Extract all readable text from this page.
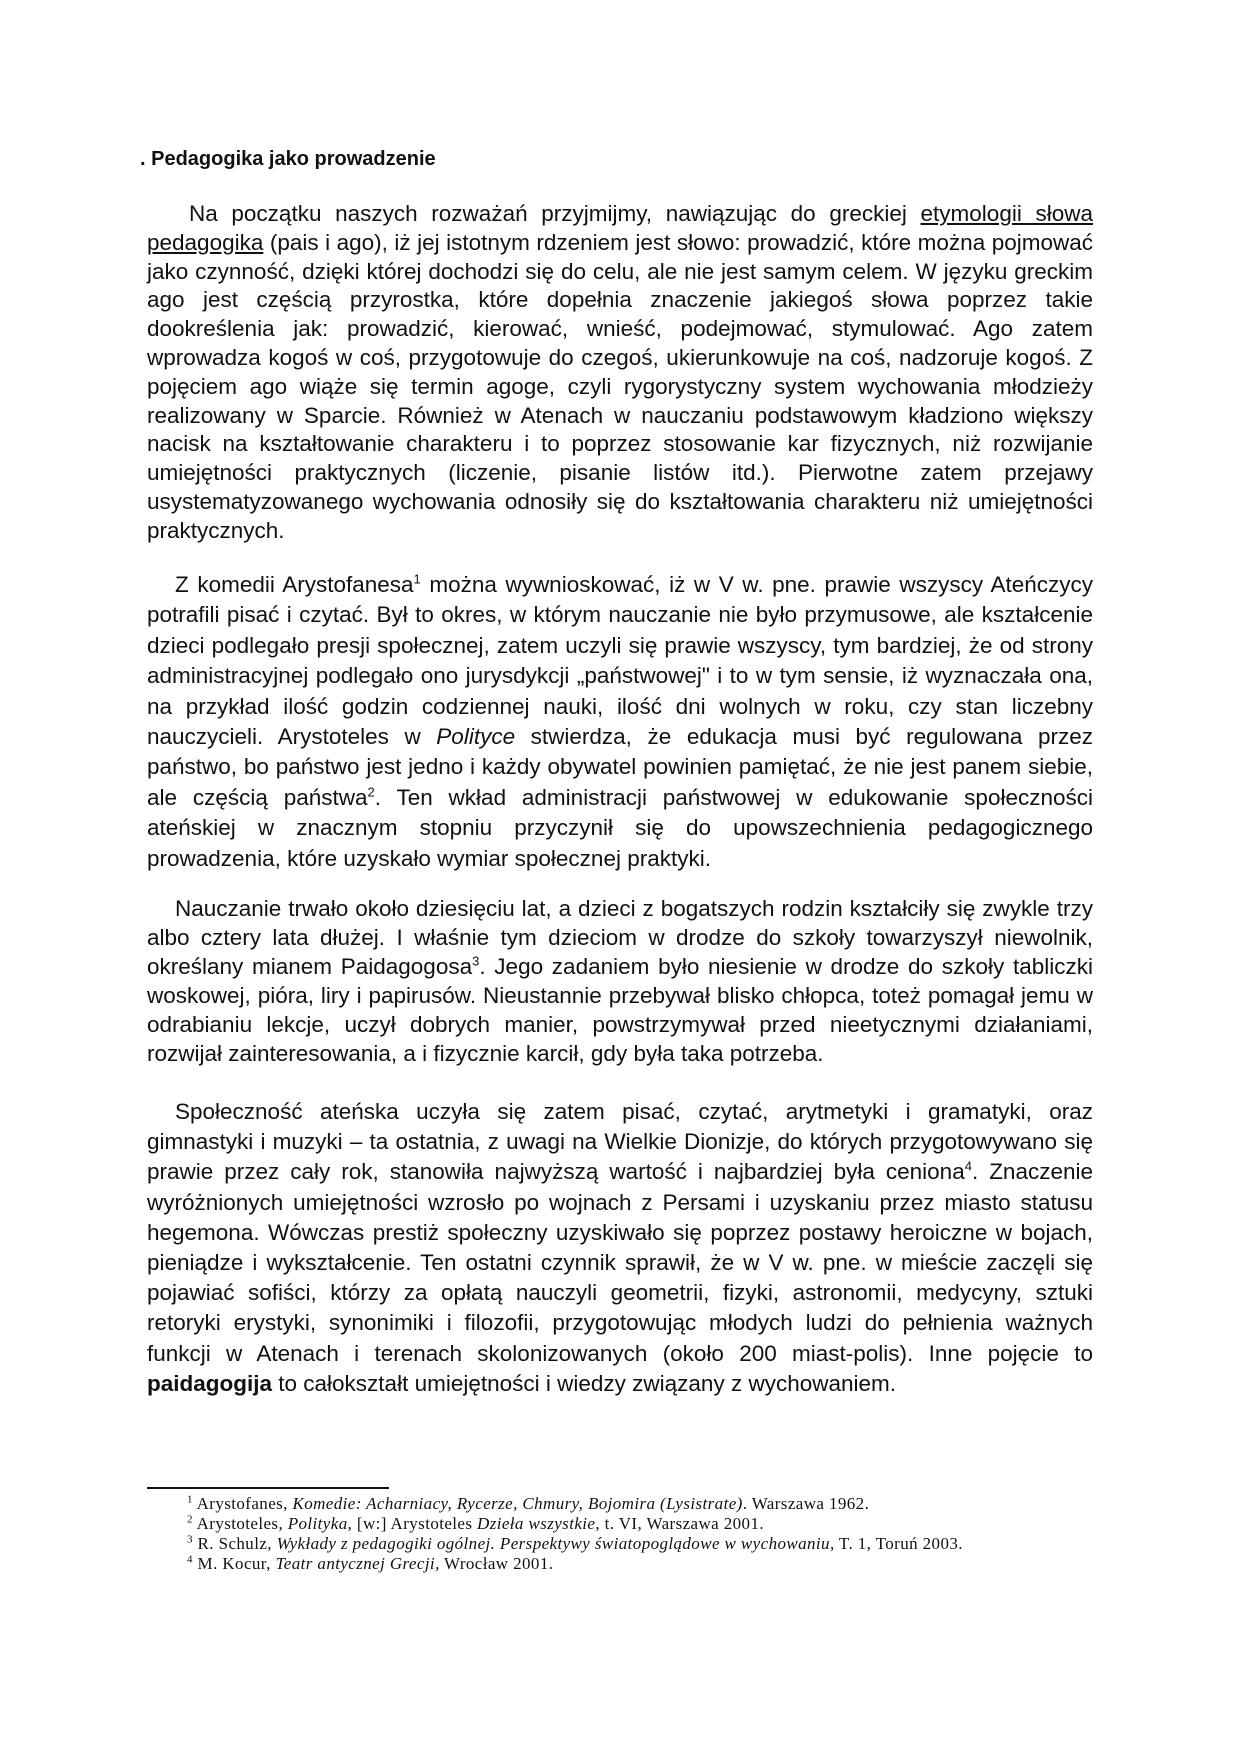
. Pedagogika jako prowadzenie

Na początku naszych rozważań przyjmijmy, nawiązując do greckiej etymologii słowa pedagogika (pais i ago), iż jej istotnym rdzeniem jest słowo: prowadzić, które można pojmować jako czynność, dzięki której dochodzi się do celu, ale nie jest samym celem. W języku greckim ago jest częścią przyrostka, które dopełnia znaczenie jakiegoś słowa poprzez takie dookreślenia jak: prowadzić, kierować, wnieść, podejmować, stymulować. Ago zatem wprowadza kogoś w coś, przygotowuje do czegoś, ukierunkowuje na coś, nadzoruje kogoś. Z pojęciem ago wiąże się termin agoge, czyli rygorystyczny system wychowania młodzieży realizowany w Sparcie. Również w Atenach w nauczaniu podstawowym kładziono większy nacisk na kształtowanie charakteru i to poprzez stosowanie kar fizycznych, niż rozwijanie umiejętności praktycznych (liczenie, pisanie listów itd.). Pierwotne zatem przejawy usystematyzowanego wychowania odnosiły się do kształtowania charakteru niż umiejętności praktycznych.

Z komedii Arystofanesa$^1$ można wywnioskować, iż w V w. pne. prawie wszyscy Ateńczycy potrafili pisać i czytać. Był to okres, w którym nauczanie nie było przymusowe, ale kształcenie dzieci podlegało presji społecznej, zatem uczyli się prawie wszyscy, tym bardziej, że od strony administracyjnej podlegało ono jurysdykcji „państwowej" i to w tym sensie, iż wyznaczała ona, na przykład ilość godzin codziennej nauki, ilość dni wolnych w roku, czy stan liczebny nauczycieli. Arystoteles w Polityce stwierdza, że edukacja musi być regulowana przez państwo, bo państwo jest jedno i każdy obywatel powinien pamiętać, że nie jest panem siebie, ale częścią państwa$^2$. Ten wkład administracji państwowej w edukowanie społeczności ateńskiej w znacznym stopniu przyczynił się do upowszechnienia pedagogicznego prowadzenia, które uzyskało wymiar społecznej praktyki.

Nauczanie trwało około dziesięciu lat, a dzieci z bogatszych rodzin kształciły się zwykle trzy albo cztery lata dłużej. I właśnie tym dzieciom w drodze do szkoły towarzyszył niewolnik, określany mianem Paidagogosa$^3$. Jego zadaniem było niesienie w drodze do szkoły tabliczki woskowej, pióra, liry i papirusów. Nieustannie przebywał blisko chłopca, toteż pomagał jemu w odrabianiu lekcje, uczył dobrych manier, powstrzymywał przed nieetycznymi działaniami, rozwijał zainteresowania, a i fizycznie karcił, gdy była taka potrzeba.

Społeczność ateńska uczyła się zatem pisać, czytać, arytmetyki i gramatyki, oraz gimnastyki i muzyki – ta ostatnia, z uwagi na Wielkie Dionizje, do których przygotowywano się prawie przez cały rok, stanowiła najwyższą wartość i najbardziej była ceniona$^4$. Znaczenie wyróżnionych umiejętności wzrosło po wojnach z Persami i uzyskaniu przez miasto statusu hegemona. Wówczas prestiż społeczny uzyskiwało się poprzez postawy heroiczne w bojach, pieniądze i wykształcenie. Ten ostatni czynnik sprawił, że w V w. pne. w mieście zaczęli się pojawiać sofiści, którzy za opłatą nauczyli geometrii, fizyki, astronomii, medycyny, sztuki retoryki erystyki, synonimiki i filozofii, przygotowując młodych ludzi do pełnienia ważnych funkcji w Atenach i terenach skolonizowanych (około 200 miast-polis). Inne pojęcie to paidagogija to całokształt umiejętności i wiedzy związany z wychowaniem.

$^1$ Arystofanes, Komedie: Acharniacy, Rycerze, Chmury, Bojomira (Lysistrate). Warszawa 1962.

$^2$ Arystoteles, Polityka, [w:] Arystoteles Dzieła wszystkie, t. VI, Warszawa 2001.

$^3$ R. Schulz, Wykłady z pedagogiki ogólnej. Perspektywy światopoglądowe w wychowaniu, T. 1, Toruń 2003.

$^4$ M. Kocur, Teatr antycznej Grecji, Wrocław 2001.
